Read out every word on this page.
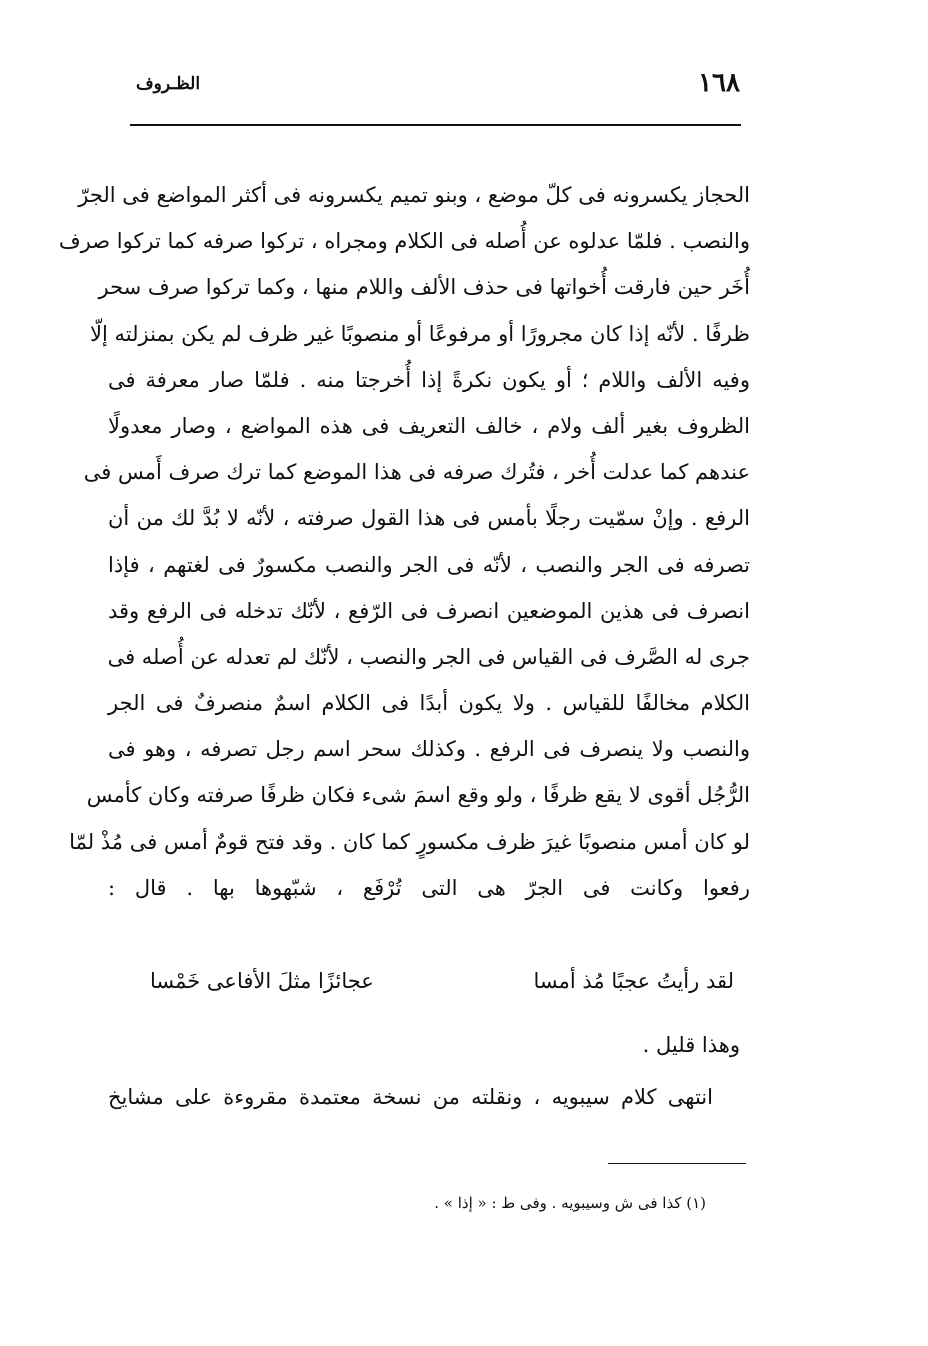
١٦٨
الظـروف
الحجاز يكسرونه فى كلّ موضع ، وبنو تميم يكسرونه فى أكثر المواضع فى الجرّ
والنصب . فلمّا عدلوه عن أُصله فى الكلام ومجراه ، تركوا صرفه كما تركوا صرف
أُخَر حين فارقت أُخواتها فى حذف الألف واللام منها ، وكما تركوا صرف سحر
ظرفًا . لأنّه إذا كان مجرورًا أو مرفوعًا أو منصوبًا غير ظرف لم يكن بمنزلته إلّا
وفيه الألف واللام ؛ أو يكون نكرةً إذا أُخرجتا منه . فلمّا صار معرفة فى
الظروف بغير ألف ولام ، خالف التعريف فى هذه المواضع ، وصار معدولًا
عندهم كما عدلت أُخر ، فتُرك صرفه فى هذا الموضع كما ترك صرف أَمس فى
الرفع . وإنْ سمّيت رجلًا بأمس فى هذا القول صرفته ، لأنّه لا بُدَّ لك من أن
تصرفه فى الجر والنصب ، لأنّه فى الجر والنصب مكسورٌ فى لغتهم ، فإذا
انصرف فى هذين الموضعين انصرف فى الرّفع ، لأنّك تدخله فى الرفع وقد
جرى له الصَّرف فى القياس فى الجر والنصب ، لأنّك لم تعدله عن أُصله فى
الكلام مخالفًا للقياس . ولا يكون أبدًا فى الكلام اسمٌ منصرفٌ فى الجر
والنصب ولا ينصرف فى الرفع . وكذلك سحر اسم رجل تصرفه ، وهو فى
الرُّجُل أقوى لا يقع ظرفًا ، ولو وقع اسمَ شىء فكان ظرفًا صرفته وكان كأمس
لو كان أمس منصوبًا غيرَ ظرف مكسورٍ كما كان . وقد فتح قومٌ أمس فى مُذْ لمّا
رفعوا وكانت فى الجرّ هى التى تُرْفَع ، شبّهوها بها . قال :
لقد رأيتُ عجبًا مُذ أمسا
عجائزًا مثلَ الأفاعى خَمْسا
وهذا قليل .
انتهى كلام سيبويه ، ونقلته من نسخة معتمدة مقروءة على مشايخ
(١) كذا فى ش وسيبويه . وفى ط : « إذا » .
